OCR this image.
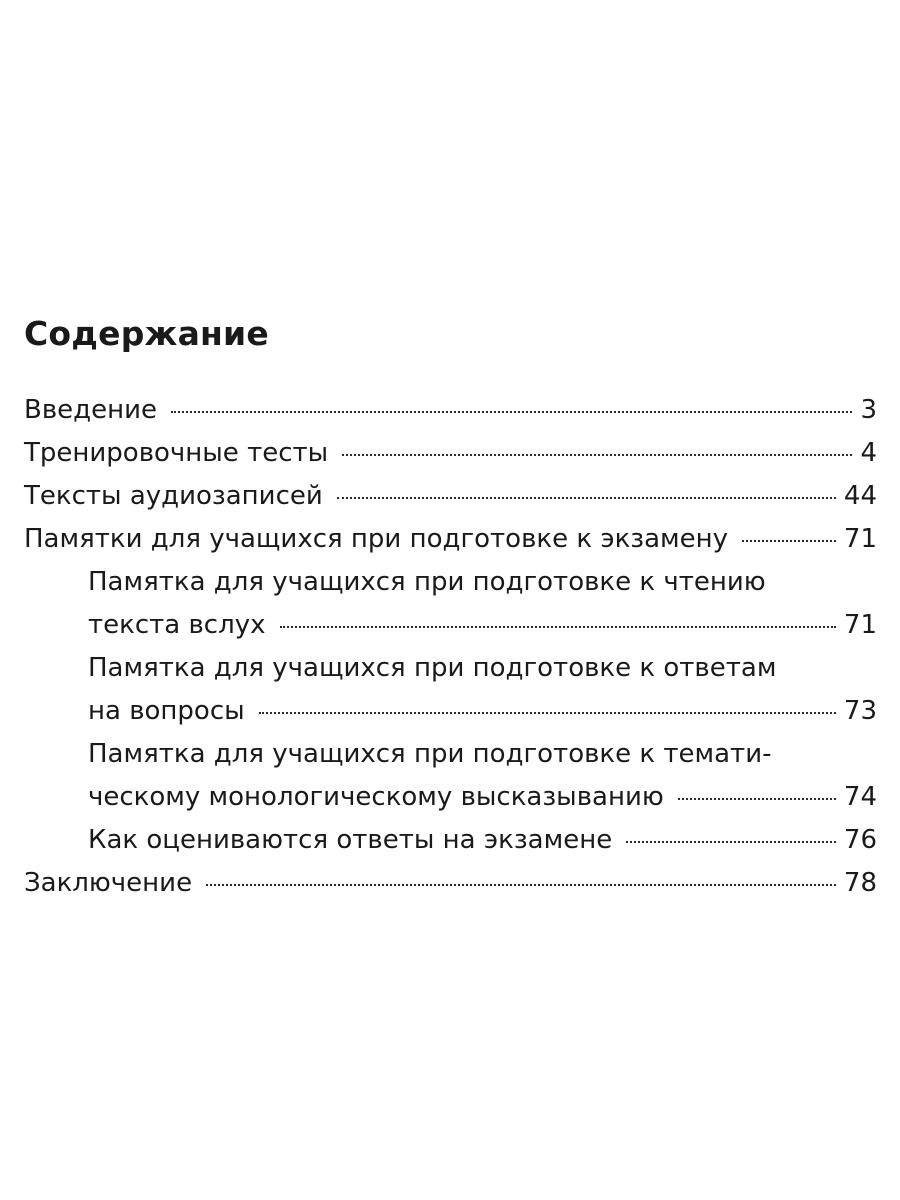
Содержание
Введение	3
Тренировочные тесты	4
Тексты аудиозаписей	44
Памятки для учащихся при подготовке к экзамену	71
Памятка для учащихся при подготовке к чтению
текста вслух	71
Памятка для учащихся при подготовке к ответам
на вопросы	73
Памятка для учащихся при подготовке к темати-
ческому монологическому высказыванию	74
Как оцениваются ответы на экзамене	76
Заключение	78
